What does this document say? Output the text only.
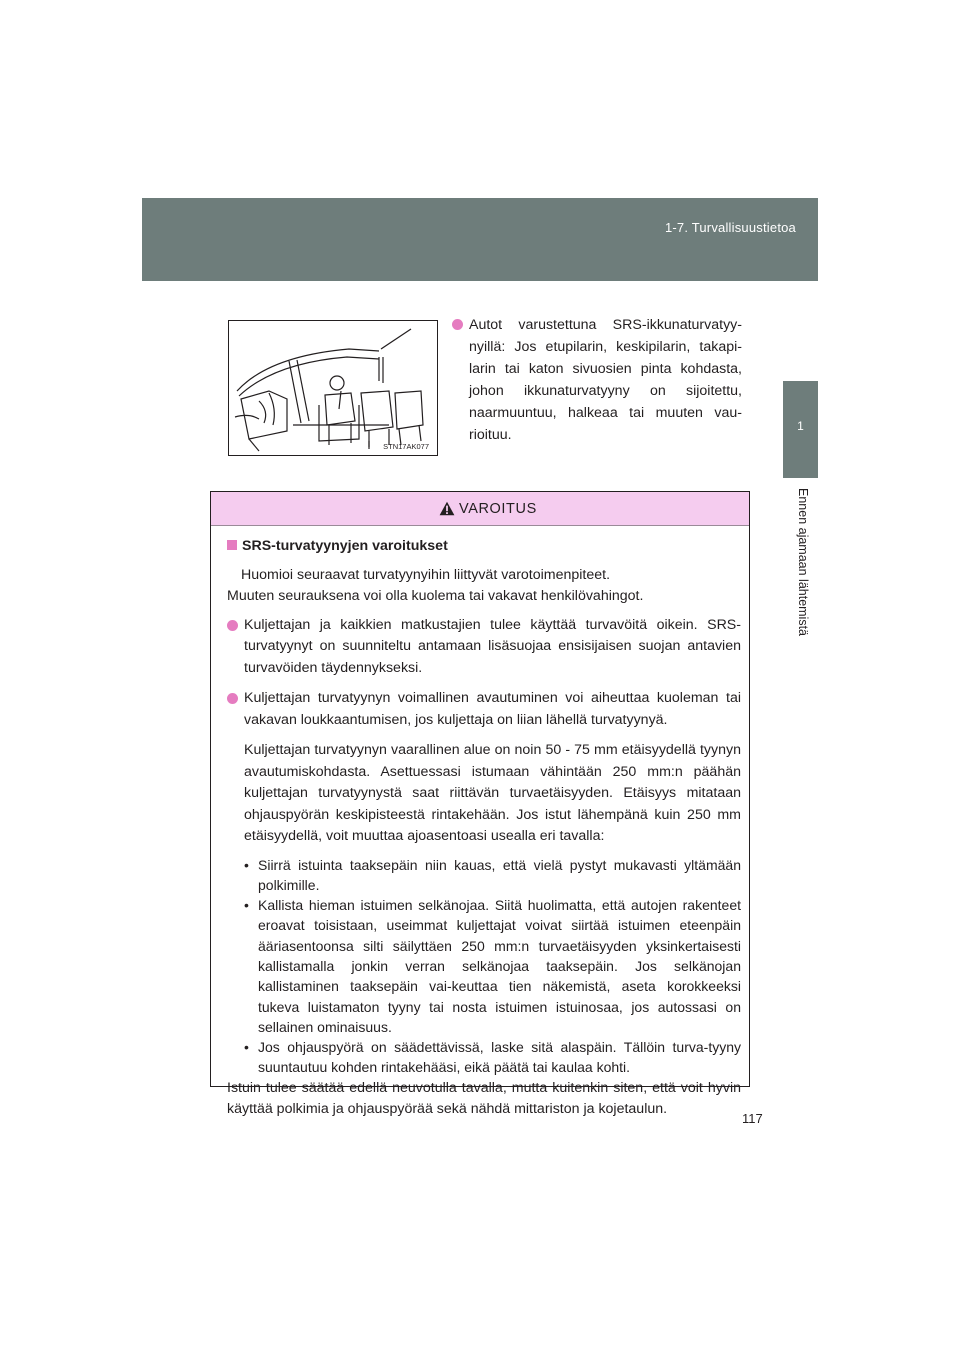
1-7. Turvallisuustietoa
1
Ennen ajamaan lähtemistä
STN17AK077
Autot varustettuna SRS-ikkunaturvatyy-nyillä: Jos etupilarin, keskipilarin, takapi-larin tai katon sivuosien pinta kohdasta, johon ikkunaturvatyyny on sijoitettu, naarmuuntuu, halkeaa tai muuten vau-rioituu.
VAROITUS
SRS-turvatyynyjen varoitukset
Huomioi seuraavat turvatyynyihin liittyvät varotoimenpiteet.
Muuten seurauksena voi olla kuolema tai vakavat henkilövahingot.
Kuljettajan ja kaikkien matkustajien tulee käyttää turvavöitä oikein. SRS-turvatyynyt on suunniteltu antamaan lisäsuojaa ensisijaisen suojan antavien turvavöiden täydennykseksi.
Kuljettajan turvatyynyn voimallinen avautuminen voi aiheuttaa kuoleman tai vakavan loukkaantumisen, jos kuljettaja on liian lähellä turvatyynyä.
Kuljettajan turvatyynyn vaarallinen alue on noin 50 - 75 mm etäisyydellä tyynyn avautumiskohdasta. Asettuessasi istumaan vähintään 250 mm:n päähän kuljettajan turvatyynystä saat riittävän turvaetäisyyden. Etäisyys mitataan ohjauspyörän keskipisteestä rintakehään. Jos istut lähempänä kuin 250 mm etäisyydellä, voit muuttaa ajoasentoasi usealla eri tavalla:
• Siirrä istuinta taaksepäin niin kauas, että vielä pystyt mukavasti yltämään polkimille.
• Kallista hieman istuimen selkänojaa. Siitä huolimatta, että autojen rakenteet eroavat toisistaan, useimmat kuljettajat voivat siirtää istuimen eteenpäin ääriasentoonsa silti säilyttäen 250 mm:n turvaetäisyyden yksinkertaisesti kallistamalla jonkin verran selkänojaa taaksepäin. Jos selkänojan kallistaminen taaksepäin vai-keuttaa tien näkemistä, aseta korokkeeksi tukeva luistamaton tyyny tai nosta istuimen istuinosaa, jos autossasi on sellainen ominaisuus.
• Jos ohjauspyörä on säädettävissä, laske sitä alaspäin. Tällöin turva-tyyny suuntautuu kohden rintakehääsi, eikä päätä tai kaulaa kohti.
Istuin tulee säätää edellä neuvotulla tavalla, mutta kuitenkin siten, että voit hyvin käyttää polkimia ja ohjauspyörää sekä nähdä mittariston ja kojetaulun.
117
